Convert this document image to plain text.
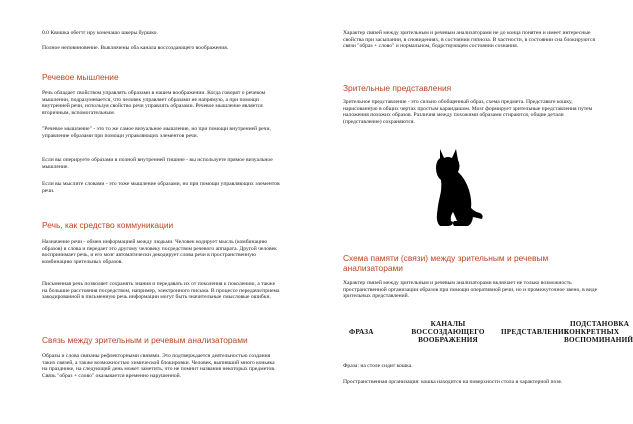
0.0 Квишка обегтг иру конечашо шкеры буршко.

Полное неповиновение. Выключены оба канала воссоздающего воображения.

Речевое мышление

Речь обладает свойством управлять образами в нашем воображении. Когда говорят о речевом мышлении, подразумевается, что человек управляет образами не напрямую, а при помощи внутренней речи, используя свойство речи управлять образами. Речевое мышление является вторичным, вспомогательным.

"Речевое мышление" - это то же самое визуальное мышление, но при помощи внутренней речи, управление образами при помощи управляющих элементов речи.

Если вы оперируете образами в полной внутренней тишине - вы используете прямое визуальное мышление.

Если вы мыслите словами - это тоже мышление образами, но при помощи управляющих элементов речи.

Речь, как средство коммуникации

Назначение речи - обмен информацией между людьми. Человек кодирует мысль (комбинацию образов) в слова и передает это другому человеку посредством речевого аппарата. Другой человек воспринимает речь, и его мозг автоматически декодирует слова речи в пространственную комбинацию зрительных образов.

Письменная речь позволяет сохранять знания и передавать их от поколения к поколению, а также на большие расстояния посредством, например, электронного письма. В процессе передачи/приема закодированной в письменную речь информации могут быть значительные смысловые ошибки.

Связь между зрительным и речевым анализаторами

Образы и слова связаны рефлекторными связями. Это подтверждается деятельностью создания таких связей, а также возможностью химической блокировки. Человек, выпивший много коньяка на празднике, на следующий день может заметить, что не помнит названия некоторых предметов. Связь "образ + слово" оказывается временно нарушенной.

Характер связей между зрительным и речевым анализаторами не до конца понятен и имеет интересные свойства при засыпании, в сновидениях, в состоянии гипноза. В частности, в состоянии сна блокируются связи "образ + слово" и нормальном, бодрствующем состоянии сознания.

Зрительные представления

Зрительное представление - это сильно обобщенный образ, схема предмета. Представьте кошку, нарисованную в общих чертах простым карандашом. Мозг формирует зрительные представления путем наложения похожих образов. Различия между похожими образами стираются, общие детали (представление) сохраняются.

Схема памяти (связи) между зрительным и речевым анализаторами

Характер связей между зрительным и речевым анализаторами включает не только возможность пространственной организации образов при помощи оперативной речи, но и промежуточное звено, в виде зрительных представлений.

ФРАЗА
КАНАЛЫ
ВОССОЗДАЮЩЕГО
ВООБРАЖЕНИЯ
ПРЕДСТАВЛЕНИЕ
ПОДСТАНОВКА
КОНКРЕТНЫХ
ВОСПОМИНАНИЙ

Фраза: на столе сидит кошка.

Пространственная организация: кошка находится на поверхности стола в характерной позе.
